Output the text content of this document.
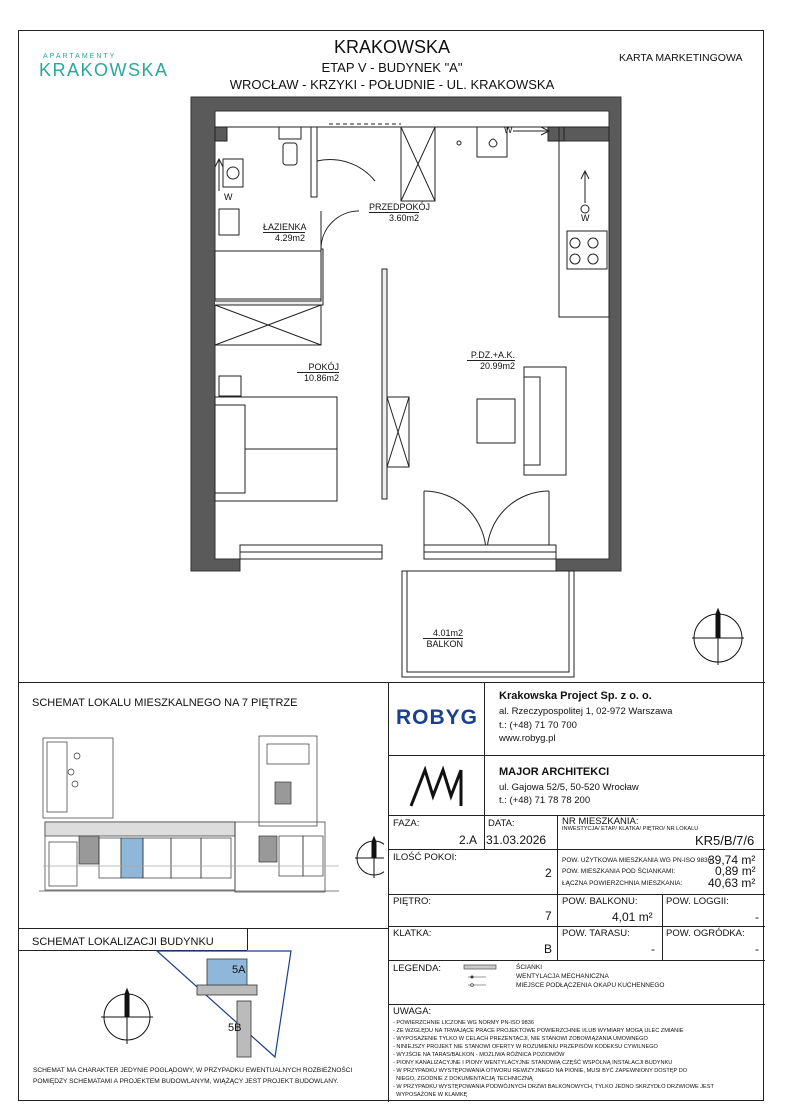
APARTAMENTY
KRAKOWSKA
KRAKOWSKA
ETAP V - BUDYNEK "A"
WROCŁAW - KRZYKI - POŁUDNIE - UL. KRAKOWSKA
KARTA MARKETINGOWA
W
W
W
ŁAZIENKA
4.29m2
PRZEDPOKÓJ
3.60m2
POKÓJ
10.86m2
P.DZ.+A.K.
20.99m2
4.01m2
BALKON
SCHEMAT LOKALU MIESZKALNEGO NA 7 PIĘTRZE
SCHEMAT LOKALIZACJI BUDYNKU
5A
5B
SCHEMAT MA CHARAKTER JEDYNIE POGLĄDOWY, W PRZYPADKU EWENTUALNYCH ROZBIEŻNOŚCI
POMIĘDZY SCHEMATAMI A PROJEKTEM BUDOWLANYM, WIĄŻĄCY JEST PROJEKT BUDOWLANY.
ROBYG
Krakowska Project Sp. z o. o.
al. Rzeczypospolitej 1, 02-972 Warszawa
t.: (+48) 71 70 700
www.robyg.pl
MAJOR ARCHITEKCI
ul. Gajowa 52/5, 50-520 Wrocław
t.: (+48) 71 78 78 200
FAZA:
2.A
DATA:
31.03.2026
NR MIESZKANIA:
INWESTYCJA/ ETAP/ KLATKA/ PIĘTRO/ NR LOKALU
KR5/B/7/6
ILOŚĆ POKOI:
2
POW. UŻYTKOWA MIESZKANIA WG PN-ISO 9836:
39,74 m²
POW. MIESZKANIA POD ŚCIANKAMI:	0,89 m²
ŁĄCZNA POWIERZCHNIA MIESZKANIA: 40,63 m²
PIĘTRO:
7
POW. BALKONU:
4,01 m²
POW. LOGGII:
-
KLATKA:
B
POW. TARASU:
-
POW. OGRÓDKA:
-
LEGENDA:	ŚCIANKI
WENTYLACJA MECHANICZNA
MIEJSCE PODŁĄCZENIA OKAPU KUCHENNEGO
UWAGA:
- POWIERZCHNIE LICZONE WG NORMY PN-ISO 9836
- ZE WZGLĘDU NA TRWAJĄCE PRACE PROJEKTOWE POWIERZCHNIE I/LUB WYMIARY MOGĄ ULEC ZMIANIE
- WYPOSAŻENIE TYLKO W CELACH PREZENTACJI, NIE STANOWI ZOBOWIĄZANIA UMOWNEGO
- NINIEJSZY PROJEKT NIE STANOWI OFERTY W ROZUMIENIU PRZEPISÓW KODEKSU CYWILNEGO
- WYJŚCIE NA TARAS/BALKON - MOŻLIWA RÓŻNICA POZIOMÓW
- PIONY KANALIZACYJNE I PIONY WENTYLACYJNE STANOWIĄ CZĘŚĆ WSPÓLNĄ INSTALACJI BUDYNKU
- W PRZYPADKU WYSTĘPOWANIA OTWORU REWIZYJNEGO NA PIONIE, MUSI BYĆ ZAPEWNIONY DOSTĘP DO
NIEGO, ZGODNIE Z DOKUMENTACJĄ TECHNICZNĄ
- W PRZYPADKU WYSTĘPOWANIA PODWÓJNYCH DRZWI BALKONOWYCH, TYLKO JEDNO SKRZYDŁO DRZWIOWE JEST
WYPOSAŻONE W KLAMKĘ
